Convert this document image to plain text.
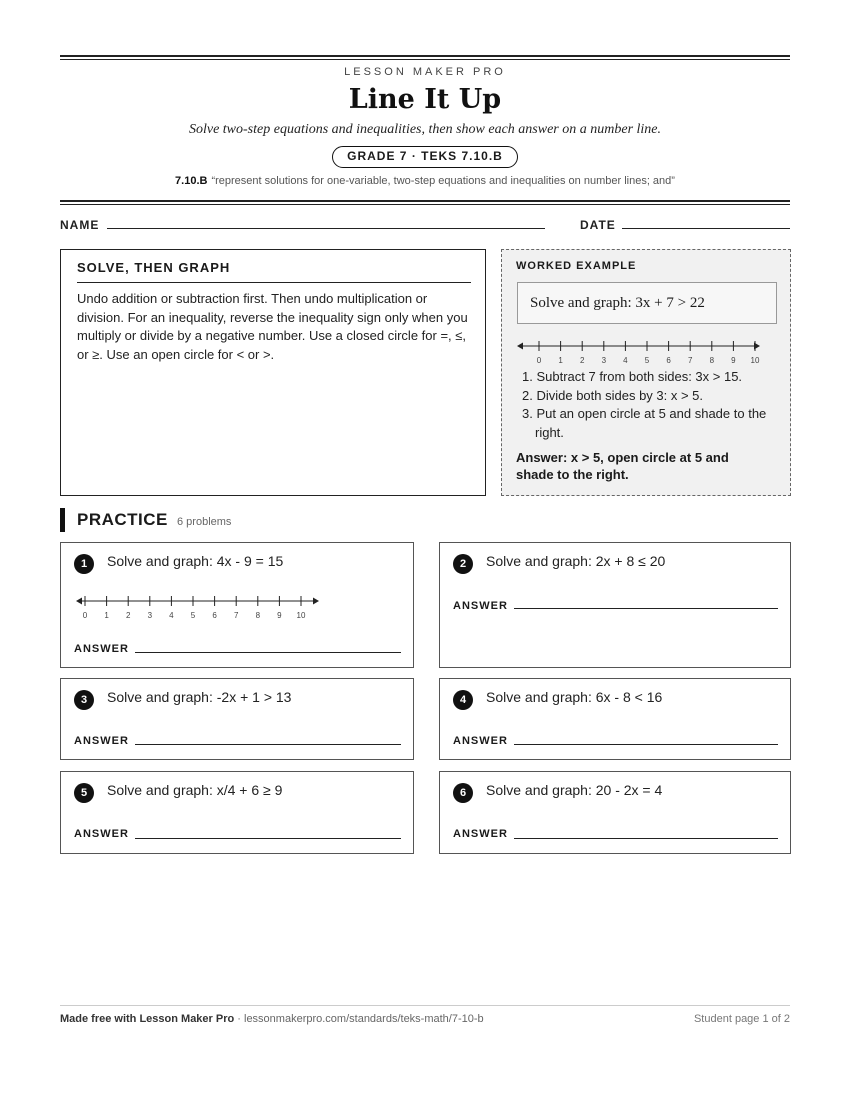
LESSON MAKER PRO
Line It Up
Solve two-step equations and inequalities, then show each answer on a number line.
GRADE 7 · TEKS 7.10.B
7.10.B “represent solutions for one-variable, two-step equations and inequalities on number lines; and”
NAME	DATE
SOLVE, THEN GRAPH
Undo addition or subtraction first. Then undo multiplication or division. For an inequality, reverse the inequality sign only when you multiply or divide by a negative number. Use a closed circle for =, ≤, or ≥. Use an open circle for < or >.
WORKED EXAMPLE
Solve and graph: 3x + 7 > 22
0 1 2 3 4 5 6 7 8 9 10
1. Subtract 7 from both sides: 3x > 15.
2. Divide both sides by 3: x > 5.
3. Put an open circle at 5 and shade to the right.
Answer: x > 5, open circle at 5 and shade to the right.
PRACTICE 6 problems
1	Solve and graph: 4x - 9 = 15
0 1 2 3 4 5 6 7 8 9 10
ANSWER
2	Solve and graph: 2x + 8 ≤ 20
ANSWER
3	Solve and graph: -2x + 1 > 13
ANSWER
4	Solve and graph: 6x - 8 < 16
ANSWER
5	Solve and graph: x/4 + 6 ≥ 9
ANSWER
6	Solve and graph: 20 - 2x = 4
ANSWER
Made free with Lesson Maker Pro · lessonmakerpro.com/standards/teks-math/7-10-b	Student page 1 of 2
